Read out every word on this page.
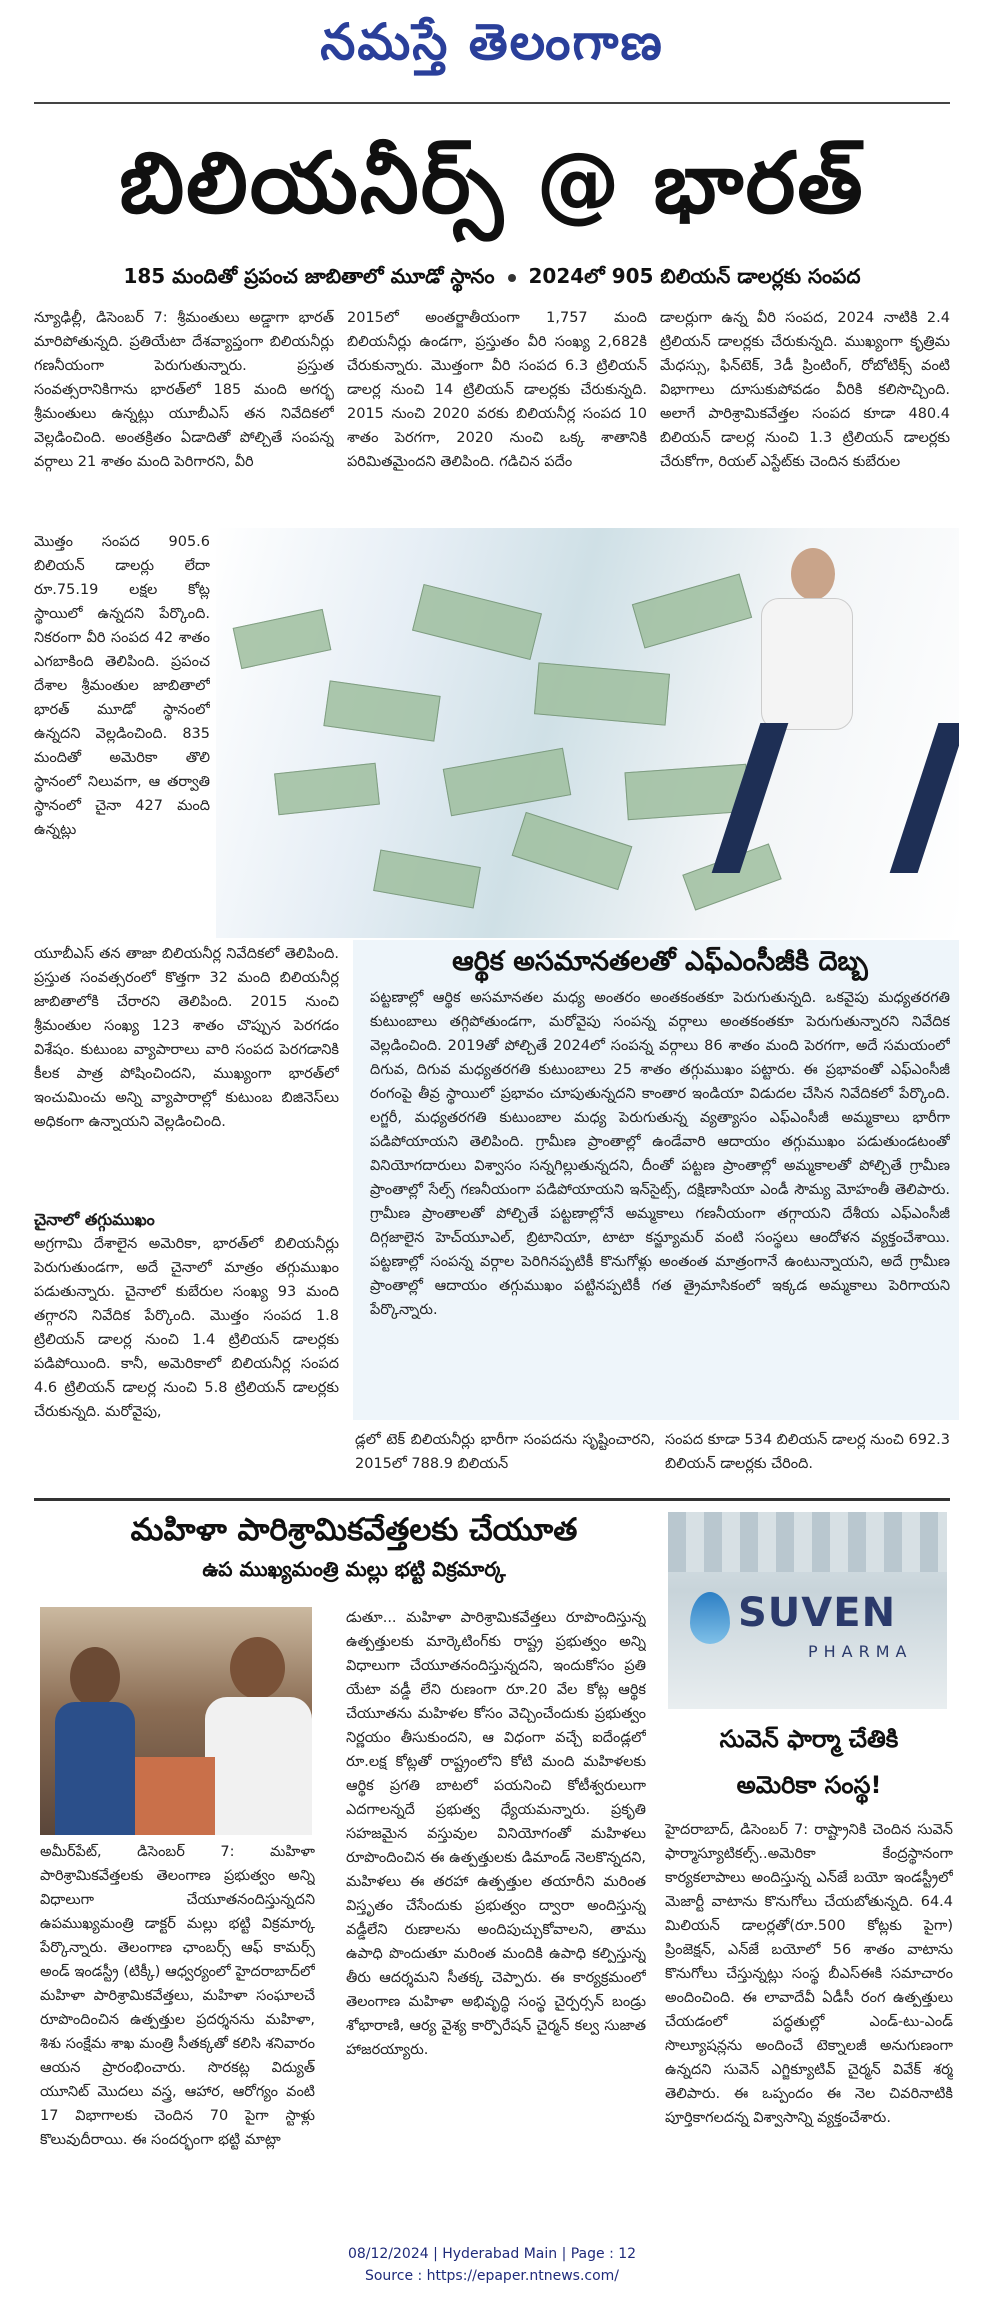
నమస్తే తెలంగాణ
బిలియనీర్స్ @ భారత్
185 మందితో ప్రపంచ జాబితాలో మూడో స్థానం 2024లో 905 బిలియన్ డాలర్లకు సంపద
న్యూఢిల్లీ, డిసెంబర్ 7: శ్రీమంతులు అడ్డాగా భారత్ మారిపోతున్నది. ప్రతియేటా దేశవ్యాప్తంగా బిలియనీర్లు గణనీయంగా పెరుగుతున్నారు. ప్రస్తుత సంవత్సరానికిగాను భారత్‌లో 185 మంది అగర్భ శ్రీమంతులు ఉన్నట్లు యూబీఎస్ తన నివేదికలో వెల్లడించింది. అంతక్రితం ఏడాదితో పోల్చితే సంపన్న వర్గాలు 21 శాతం మంది పెరిగారని, వీరి
2015లో అంతర్జాతీయంగా 1,757 మంది బిలియనీర్లు ఉండగా, ప్రస్తుతం వీరి సంఖ్య 2,682కి చేరుకున్నారు. మొత్తంగా వీరి సంపద 6.3 ట్రిలియన్ డాలర్ల నుంచి 14 ట్రిలియన్ డాలర్లకు చేరుకున్నది. 2015 నుంచి 2020 వరకు బిలియనీర్ల సంపద 10 శాతం పెరగగా, 2020 నుంచి ఒక్క శాతానికి పరిమితమైందని తెలిపింది. గడిచిన పదేం
డాలర్లుగా ఉన్న వీరి సంపద, 2024 నాటికి 2.4 ట్రిలియన్ డాలర్లకు చేరుకున్నది. ముఖ్యంగా కృత్రిమ మేధస్సు, ఫిన్‌టెక్, 3డీ ప్రింటింగ్, రోబోటిక్స్ వంటి విభాగాలు దూసుకుపోవడం వీరికి కలిసొచ్చింది. అలాగే పారిశ్రామికవేత్తల సంపద కూడా 480.4 బిలియన్ డాలర్ల నుంచి 1.3 ట్రిలియన్ డాలర్లకు చేరుకోగా, రియల్ ఎస్టేట్‌కు చెందిన కుబేరుల
మొత్తం సంపద 905.6 బిలియన్ డాలర్లు లేదా రూ.75.19 లక్షల కోట్ల స్థాయిలో ఉన్నదని పేర్కొంది. నికరంగా వీరి సంపద 42 శాతం ఎగబాకింది తెలిపింది. ప్రపంచ దేశాల శ్రీమంతుల జాబితాలో భారత్ మూడో స్థానంలో ఉన్నదని వెల్లడించింది. 835 మందితో అమెరికా తొలి స్థానంలో నిలువగా, ఆ తర్వాతి స్థానంలో చైనా 427 మంది ఉన్నట్లు
యూబీఎస్ తన తాజా బిలియనీర్ల నివేదికలో తెలిపింది. ప్రస్తుత సంవత్సరంలో కొత్తగా 32 మంది బిలియనీర్ల జాబితాలోకి చేరారని తెలిపింది. 2015 నుంచి శ్రీమంతుల సంఖ్య 123 శాతం చొప్పున పెరగడం విశేషం. కుటుంబ వ్యాపారాలు వారి సంపద పెరగడానికి కీలక పాత్ర పోషించిందని, ముఖ్యంగా భారత్‌లో ఇంచుమించు అన్ని వ్యాపారాల్లో కుటుంబ బిజినెస్‌లు అధికంగా ఉన్నాయని వెల్లడించింది.
చైనాలో తగ్గుముఖం
అగ్రగామి దేశాలైన అమెరికా, భారత్‌లో బిలియనీర్లు పెరుగుతుండగా, అదే చైనాలో మాత్రం తగ్గుముఖం పడుతున్నారు. చైనాలో కుబేరుల సంఖ్య 93 మంది తగ్గారని నివేదిక పేర్కొంది. మొత్తం సంపద 1.8 ట్రిలియన్ డాలర్ల నుంచి 1.4 ట్రిలియన్ డాలర్లకు పడిపోయింది. కానీ, అమెరికాలో బిలియనీర్ల సంపద 4.6 ట్రిలియన్ డాలర్ల నుంచి 5.8 ట్రిలియన్ డాలర్లకు చేరుకున్నది. మరోవైపు,
ఆర్థిక అసమానతలతో ఎఫ్ఎంసీజీకి దెబ్బ
పట్టణాల్లో ఆర్థిక అసమానతల మధ్య అంతరం అంతకంతకూ పెరుగుతున్నది. ఒకవైపు మధ్యతరగతి కుటుంబాలు తగ్గిపోతుండగా, మరోవైపు సంపన్న వర్గాలు అంతకంతకూ పెరుగుతున్నారని నివేదిక వెల్లడించింది. 2019తో పోల్చితే 2024లో సంపన్న వర్గాలు 86 శాతం మంది పెరగగా, అదే సమయంలో దిగువ, దిగువ మధ్యతరగతి కుటుంబాలు 25 శాతం తగ్గుముఖం పట్టారు. ఈ ప్రభావంతో ఎఫ్ఎంసీజీ రంగంపై తీవ్ర స్థాయిలో ప్రభావం చూపుతున్నదని కాంతార ఇండియా విడుదల చేసిన నివేదికలో పేర్కొంది. లగ్జరీ, మధ్యతరగతి కుటుంబాల మధ్య పెరుగుతున్న వ్యత్యాసం ఎఫ్ఎంసీజీ అమ్మకాలు భారీగా పడిపోయాయని తెలిపింది. గ్రామీణ ప్రాంతాల్లో ఉండేవారి ఆదాయం తగ్గుముఖం పడుతుండటంతో వినియోగదారులు విశ్వాసం సన్నగిల్లుతున్నదని, దీంతో పట్టణ ప్రాంతాల్లో అమ్మకాలతో పోల్చితే గ్రామీణ ప్రాంతాల్లో సేల్స్ గణనీయంగా పడిపోయాయని ఇన్‌సైట్స్, దక్షిణాసియా ఎండీ సౌమ్య మోహంతీ తెలిపారు. గ్రామీణ ప్రాంతాలతో పోల్చితే పట్టణాల్లోనే అమ్మకాలు గణనీయంగా తగ్గాయని దేశీయ ఎఫ్ఎంసీజీ దిగ్గజాలైన హెచ్‌యూఎల్, బ్రిటానియా, టాటా కన్జ్యూమర్ వంటి సంస్థలు ఆందోళన వ్యక్తంచేశాయి. పట్టణాల్లో సంపన్న వర్గాల పెరిగినప్పటికీ కొనుగోళ్లు అంతంత మాత్రంగానే ఉంటున్నాయని, అదే గ్రామీణ ప్రాంతాల్లో ఆదాయం తగ్గుముఖం పట్టినప్పటికీ గత త్రైమాసికంలో ఇక్కడ అమ్మకాలు పెరిగాయని పేర్కొన్నారు.
డ్లలో టెక్ బిలియనీర్లు భారీగా సంపదను సృష్టించారని, 2015లో 788.9 బిలియన్
సంపద కూడా 534 బిలియన్ డాలర్ల నుంచి 692.3 బిలియన్ డాలర్లకు చేరింది.
మహిళా పారిశ్రామికవేత్తలకు చేయూత
ఉప ముఖ్యమంత్రి మల్లు భట్టి విక్రమార్క
అమీర్‌పేట్, డిసెంబర్ 7: మహిళా పారిశ్రామికవేత్తలకు తెలంగాణ ప్రభుత్వం అన్ని విధాలుగా చేయూతనందిస్తున్నదని ఉపముఖ్యమంత్రి డాక్టర్ మల్లు భట్టి విక్రమార్క పేర్కొన్నారు. తెలంగాణ ఛాంబర్స్ ఆఫ్ కామర్స్ అండ్ ఇండస్ట్రీ (టిక్కీ) ఆధ్వర్యంలో హైదరాబాద్‌లో మహిళా పారిశ్రామికవేత్తలు, మహిళా సంఘాలచే రూపొందించిన ఉత్పత్తుల ప్రదర్శనను మహిళా, శిశు సంక్షేమ శాఖ మంత్రి సీతక్కతో కలిసి శనివారం ఆయన ప్రారంభించారు. సొరకట్ల విద్యుత్ యూనిట్ మొదలు వస్త్ర, ఆహార, ఆరోగ్యం వంటి 17 విభాగాలకు చెందిన 70 పైగా స్టాళ్లు కొలువుదీరాయి. ఈ సందర్భంగా భట్టి మాట్లా
డుతూ... మహిళా పారిశ్రామికవేత్తలు రూపొందిస్తున్న ఉత్పత్తులకు మార్కెటింగ్‌కు రాష్ట్ర ప్రభుత్వం అన్ని విధాలుగా చేయూతనందిస్తున్నదని, ఇందుకోసం ప్రతి యేటా వడ్డీ లేని రుణంగా రూ.20 వేల కోట్ల ఆర్థిక చేయూతను మహిళల కోసం వెచ్చించేందుకు ప్రభుత్వం నిర్ణయం తీసుకుందని, ఆ విధంగా వచ్చే ఐదేండ్లలో రూ.లక్ష కోట్లతో రాష్ట్రంలోని కోటి మంది మహిళలకు ఆర్థిక ప్రగతి బాటలో పయనించి కోటీశ్వరులుగా ఎదగాలన్నదే ప్రభుత్వ ధ్యేయమన్నారు. ప్రకృతి సహజమైన వస్తువుల వినియోగంతో మహిళలు రూపొందించిన ఈ ఉత్పత్తులకు డిమాండ్ నెలకొన్నదని, మహిళలు ఈ తరహా ఉత్పత్తుల తయారీని మరింత విస్తృతం చేసేందుకు ప్రభుత్వం ద్వారా అందిస్తున్న వడ్డీలేని రుణాలను అందిపుచ్చుకోవాలని, తాము ఉపాధి పొందుతూ మరింత మందికి ఉపాధి కల్పిస్తున్న తీరు ఆదర్శమని సీతక్క చెప్పారు. ఈ కార్యక్రమంలో తెలంగాణ మహిళా అభివృద్ధి సంస్థ చైర్పర్సన్ బండ్రు శోభారాణి, ఆర్య వైశ్య కార్పొరేషన్ చైర్మన్ కల్వ సుజాత హాజరయ్యారు.
SUVEN
PHARMA
సువెన్ ఫార్మా చేతికి
అమెరికా సంస్థ!
హైదరాబాద్, డిసెంబర్ 7: రాష్ట్రానికి చెందిన సువెన్ ఫార్మాస్యూటికల్స్..అమెరికా కేంద్రస్థానంగా కార్యకలాపాలు అందిస్తున్న ఎన్‌జే బయో ఇండస్ట్రీలో మెజార్టీ వాటాను కొనుగోలు చేయబోతున్నది. 64.4 మిలియన్ డాలర్లతో(రూ.500 కోట్లకు పైగా) ప్రింజెక్షన్, ఎన్‌జే బయోలో 56 శాతం వాటాను కొనుగోలు చేస్తున్నట్లు సంస్థ బీఎస్‌ఈకి సమాచారం అందించింది. ఈ లావాదేవీ ఏడీసీ రంగ ఉత్పత్తులు చేయడంలో పద్ధతుల్లో ఎండ్-టు-ఎండ్ సొల్యూషన్లను అందించే టెక్నాలజీ అనుగుణంగా ఉన్నదని సువెన్ ఎగ్జిక్యూటివ్ చైర్మన్ వివేక్ శర్మ తెలిపారు. ఈ ఒప్పందం ఈ నెల చివరినాటికి పూర్తికాగలదన్న విశ్వాసాన్ని వ్యక్తంచేశారు.
08/12/2024 | Hyderabad Main | Page : 12
Source : https://epaper.ntnews.com/
